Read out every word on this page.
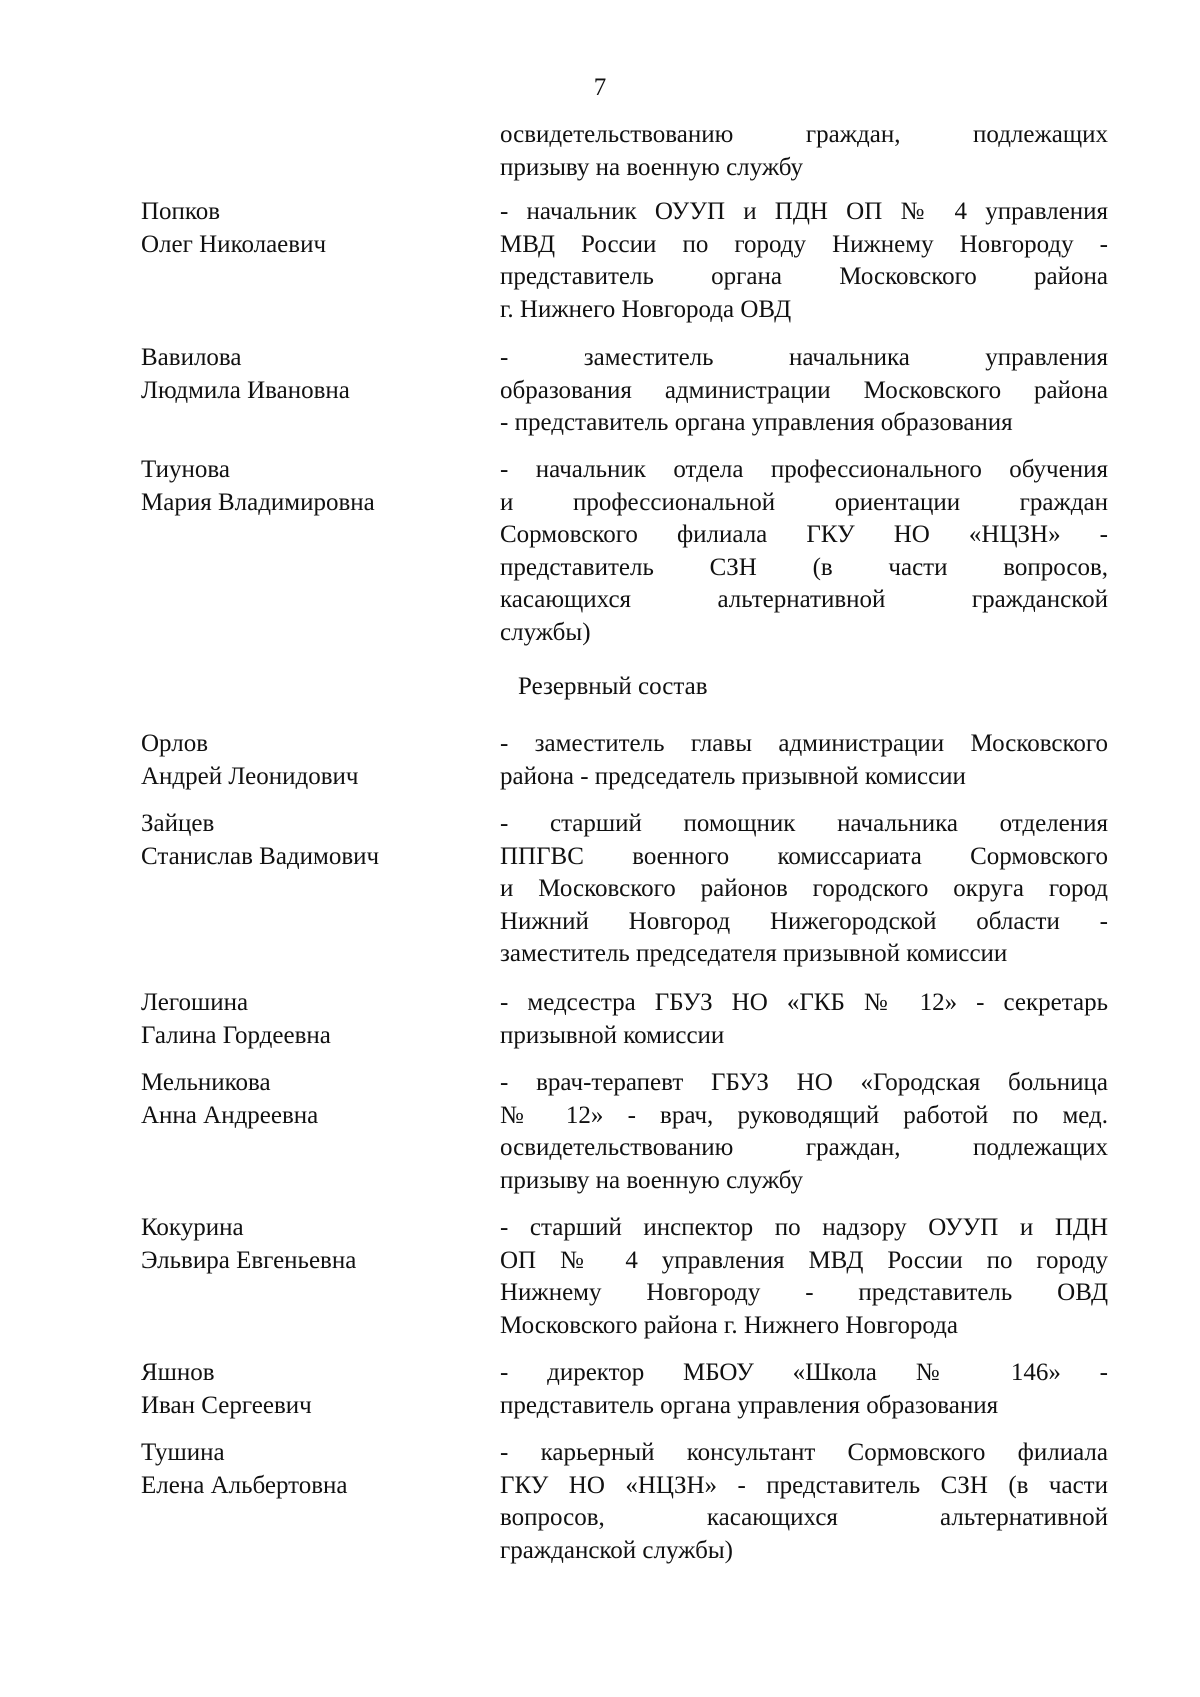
7
освидетельствованию граждан, подлежащих
призыву на военную службу
Попков
Олег Николаевич
- начальник ОУУП и ПДН ОП № 4 управления
МВД России по городу Нижнему Новгороду -
представитель органа Московского района
г. Нижнего Новгорода ОВД
Вавилова
Людмила Ивановна
- заместитель начальника управления
образования администрации Московского района
- представитель органа управления образования
Тиунова
Мария Владимировна
- начальник отдела профессионального обучения
и профессиональной ориентации граждан
Сормовского филиала ГКУ НО «НЦЗН» -
представитель СЗН (в части вопросов,
касающихся альтернативной гражданской
службы)
Резервный состав
Орлов
Андрей Леонидович
- заместитель главы администрации Московского
района - председатель призывной комиссии
Зайцев
Станислав Вадимович
- старший помощник начальника отделения
ППГВС военного комиссариата Сормовского
и Московского районов городского округа город
Нижний Новгород Нижегородской области -
заместитель председателя призывной комиссии
Легошина
Галина Гордеевна
- медсестра ГБУЗ НО «ГКБ № 12» - секретарь
призывной комиссии
Мельникова
Анна Андреевна
- врач-терапевт ГБУЗ НО «Городская больница
№ 12» - врач, руководящий работой по мед.
освидетельствованию граждан, подлежащих
призыву на военную службу
Кокурина
Эльвира Евгеньевна
- старший инспектор по надзору ОУУП и ПДН
ОП № 4 управления МВД России по городу
Нижнему Новгороду - представитель ОВД
Московского района г. Нижнего Новгорода
Яшнов
Иван Сергеевич
- директор МБОУ «Школа № 146» -
представитель органа управления образования
Тушина
Елена Альбертовна
- карьерный консультант Сормовского филиала
ГКУ НО «НЦЗН» - представитель СЗН (в части
вопросов, касающихся альтернативной
гражданской службы)
